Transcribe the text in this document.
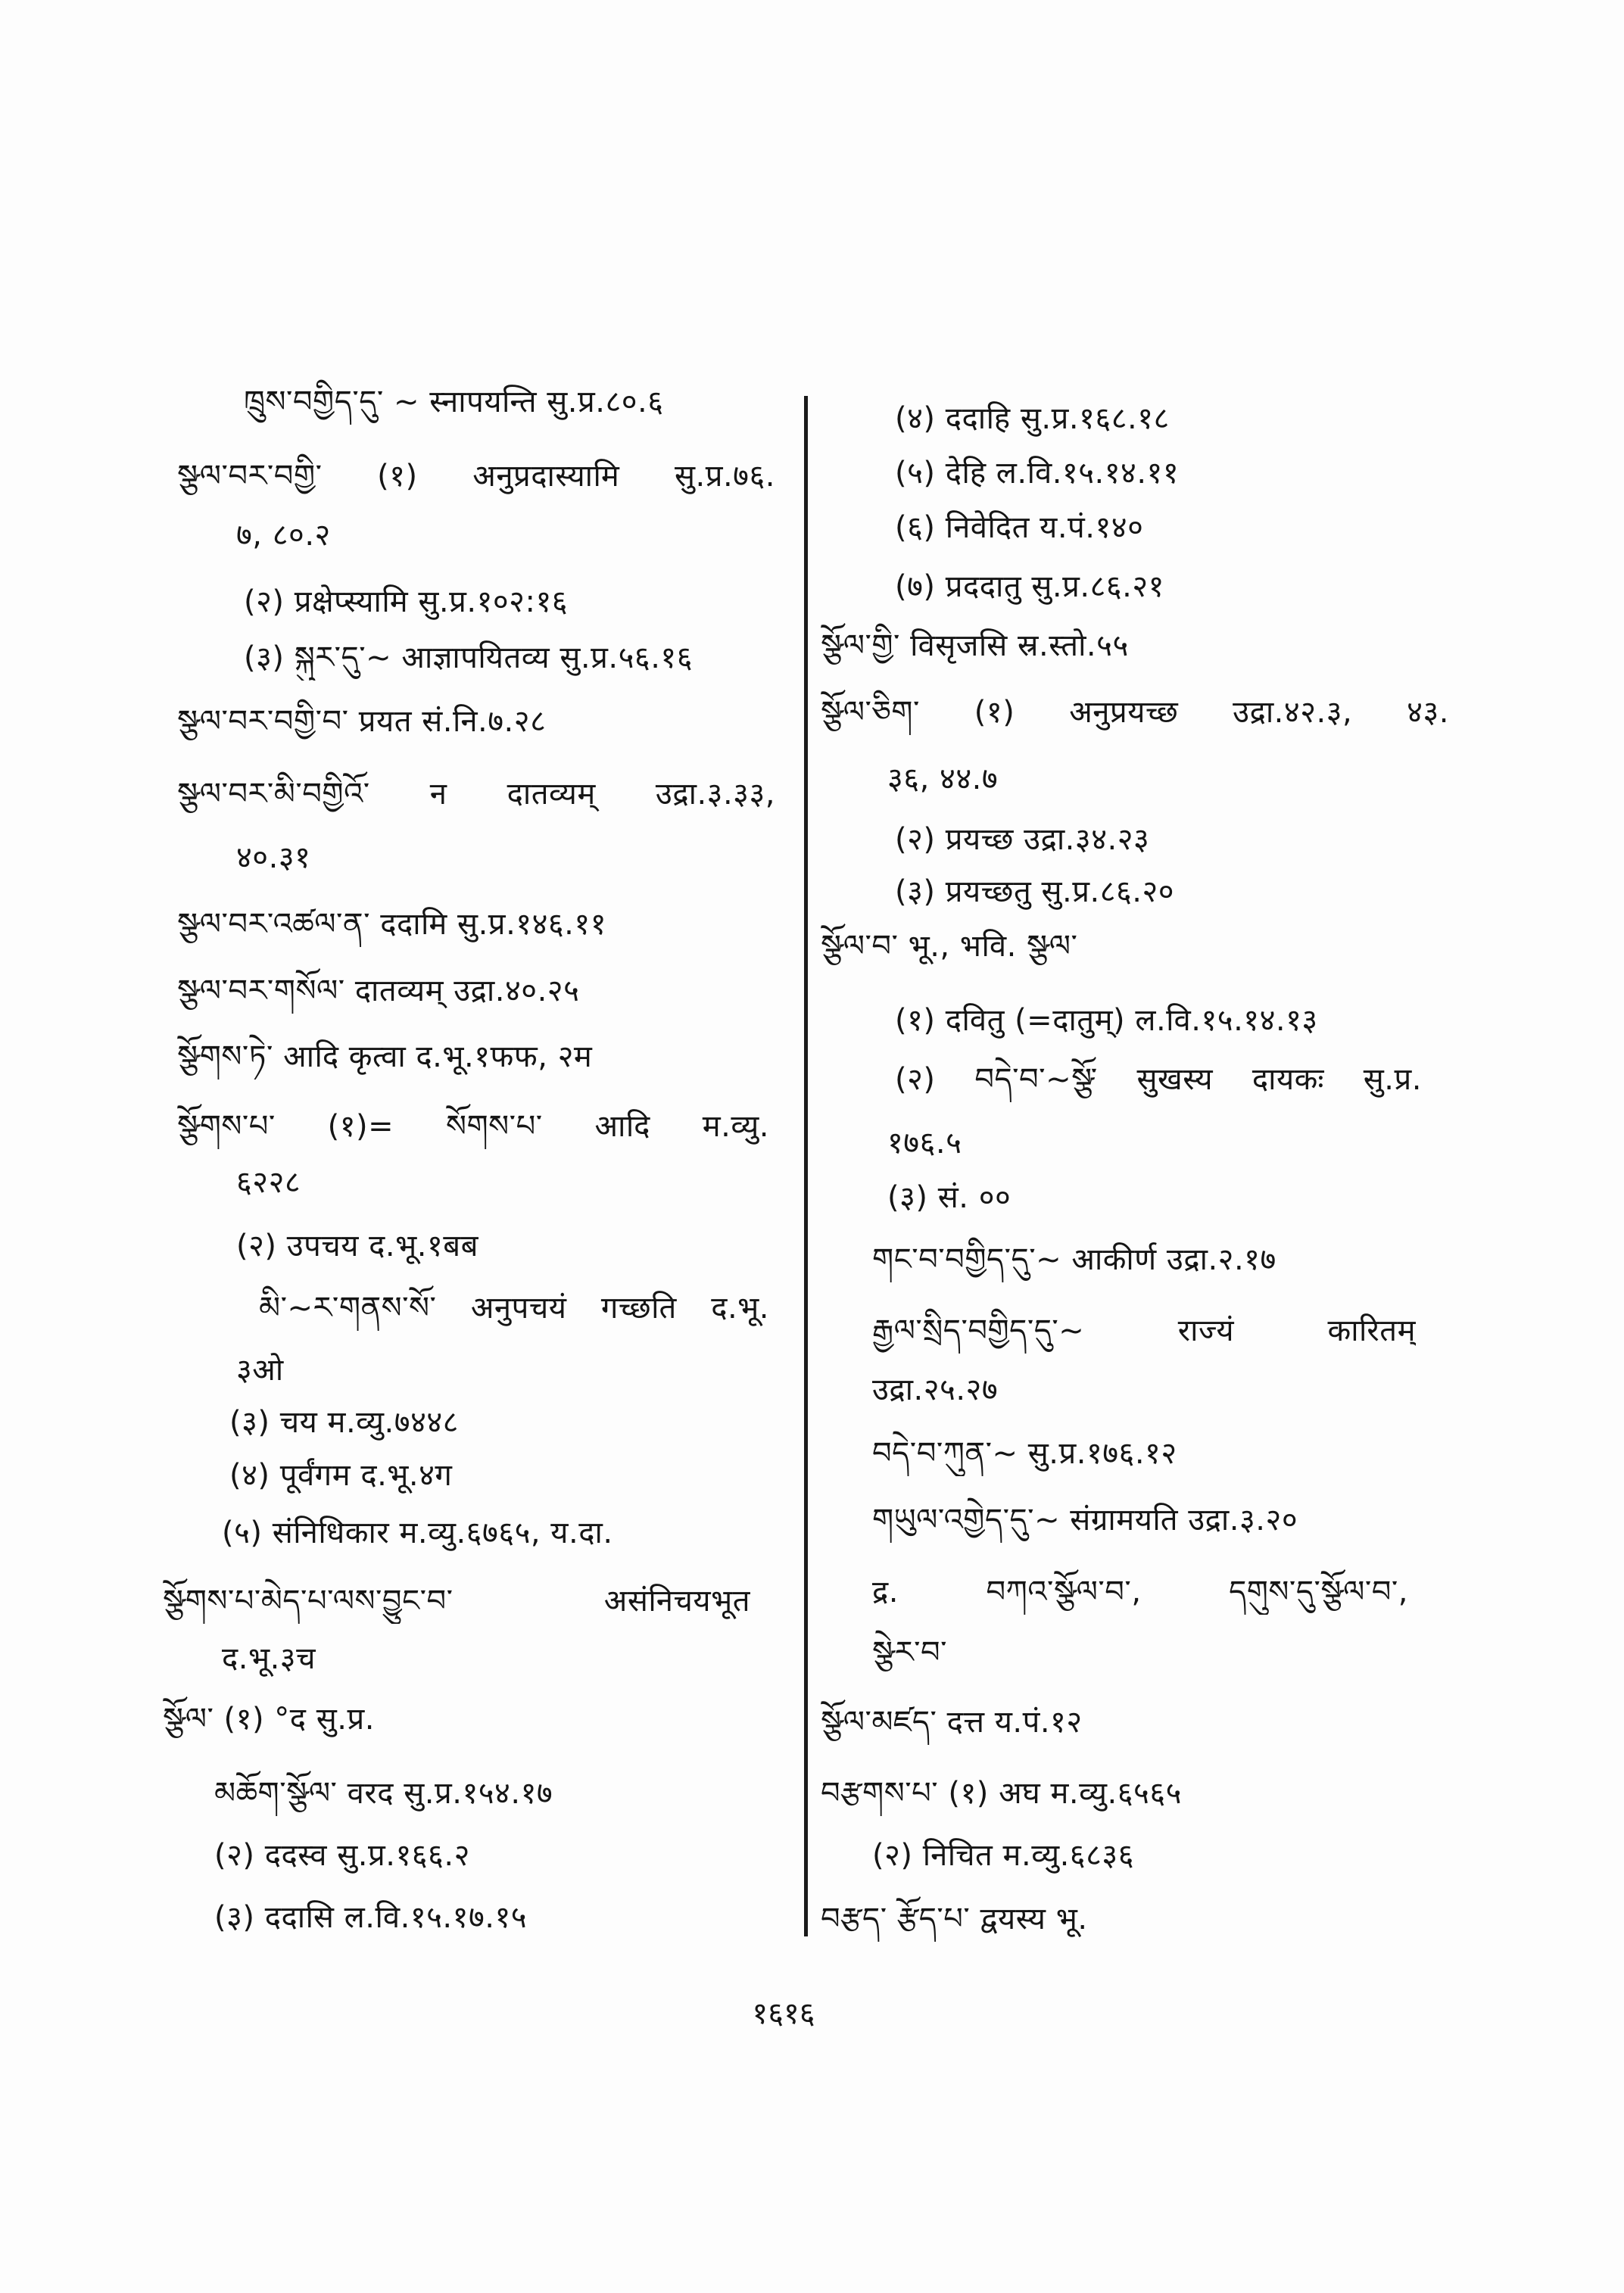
ཁྲུས་བགྱིད་དུ་ ~ स्नापयन्ति सु.प्र.८०.६
སྩལ་བར་བགྱི་ (१) अनुप्रदास्यामि सु.प्र.७६.
७, ८०.२
(२) प्रक्षेप्स्यामि सु.प्र.१०२:१६
(३) སྐུར་དུ་~ आज्ञापयितव्य सु.प्र.५६.१६
སྩལ་བར་བགྱི་བ་ प्रयत सं.नि.७.२८
སྩལ་བར་མི་བགྱིའོ་ न दातव्यम् उद्रा.३.३३,
४०.३१
སྩལ་བར་འཚལ་ན་ ददामि सु.प्र.१४६.११
སྩལ་བར་གསོལ་ दातव्यम् उद्रा.४०.२५
སྩོགས་ཏེ་ आदि कृत्वा द.भू.१फफ, २म
སྩོགས་པ་ (१)= སོགས་པ་ आदि म.व्यु.
६२२८
(२) उपचय द.भू.१बब
མི་~ར་གནས་སོ་ अनुपचयं गच्छति द.भू.
३ओ
(३) चय म.व्यु.७४४८
(४) पूर्वंगम द.भू.४ग
(५) संनिधिकार म.व्यु.६७६५, य.दा.
སྩོགས་པ་མེད་པ་ལས་བྱུང་བ་ असंनिचयभूत
द.भू.३च
སྩོལ་ (१) °द सु.प्र.
མཆོག་སྩོལ་ वरद सु.प्र.१५४.१७
(२) ददस्व सु.प्र.१६६.२
(३) ददासि ल.वि.१५.१७.१५
(४) ददाहि सु.प्र.१६८.१८
(५) देहि ल.वि.१५.१४.११
(६) निवेदित य.पं.१४०
(७) प्रददातु सु.प्र.८६.२१
སྩོལ་གྱི་ विसृजसि स्र.स्तो.५५
སྩོལ་ཅིག་ (१) अनुप्रयच्छ उद्रा.४२.३, ४३.
३६, ४४.७
(२) प्रयच्छ उद्रा.३४.२३
(३) प्रयच्छतु सु.प्र.८६.२०
སྩོལ་བ་ भू., भवि. སྩལ་
(१) दवितु (=दातुम्) ल.वि.१५.१४.१३
(२) བདེ་བ་~སྩོ་ सुखस्य दायकः सु.प्र.
१७६.५
(३) सं. ००
གང་བ་བགྱིད་དུ་~ आकीर्ण उद्रा.२.१७
རྒྱལ་སྲིད་བགྱིད་དུ་~ राज्यं कारितम्
उद्रा.२५.२७
བདེ་བ་ཀུན་~ सु.प्र.१७६.१२
གཡུལ་འགྱེད་དུ་~ संग्रामयति उद्रा.३.२०
द्र. བཀའ་སྩོལ་བ་, དགུས་དུ་སྩོལ་བ་,
སྩེར་བ་
སྩོལ་མཛད་ दत्त य.पं.१२
བརྩགས་པ་ (१) अघ म.व्यु.६५६५
(२) निचित म.व्यु.६८३६
བརྩད་ རྩོད་པ་ द्वयस्य भू.
१६१६
